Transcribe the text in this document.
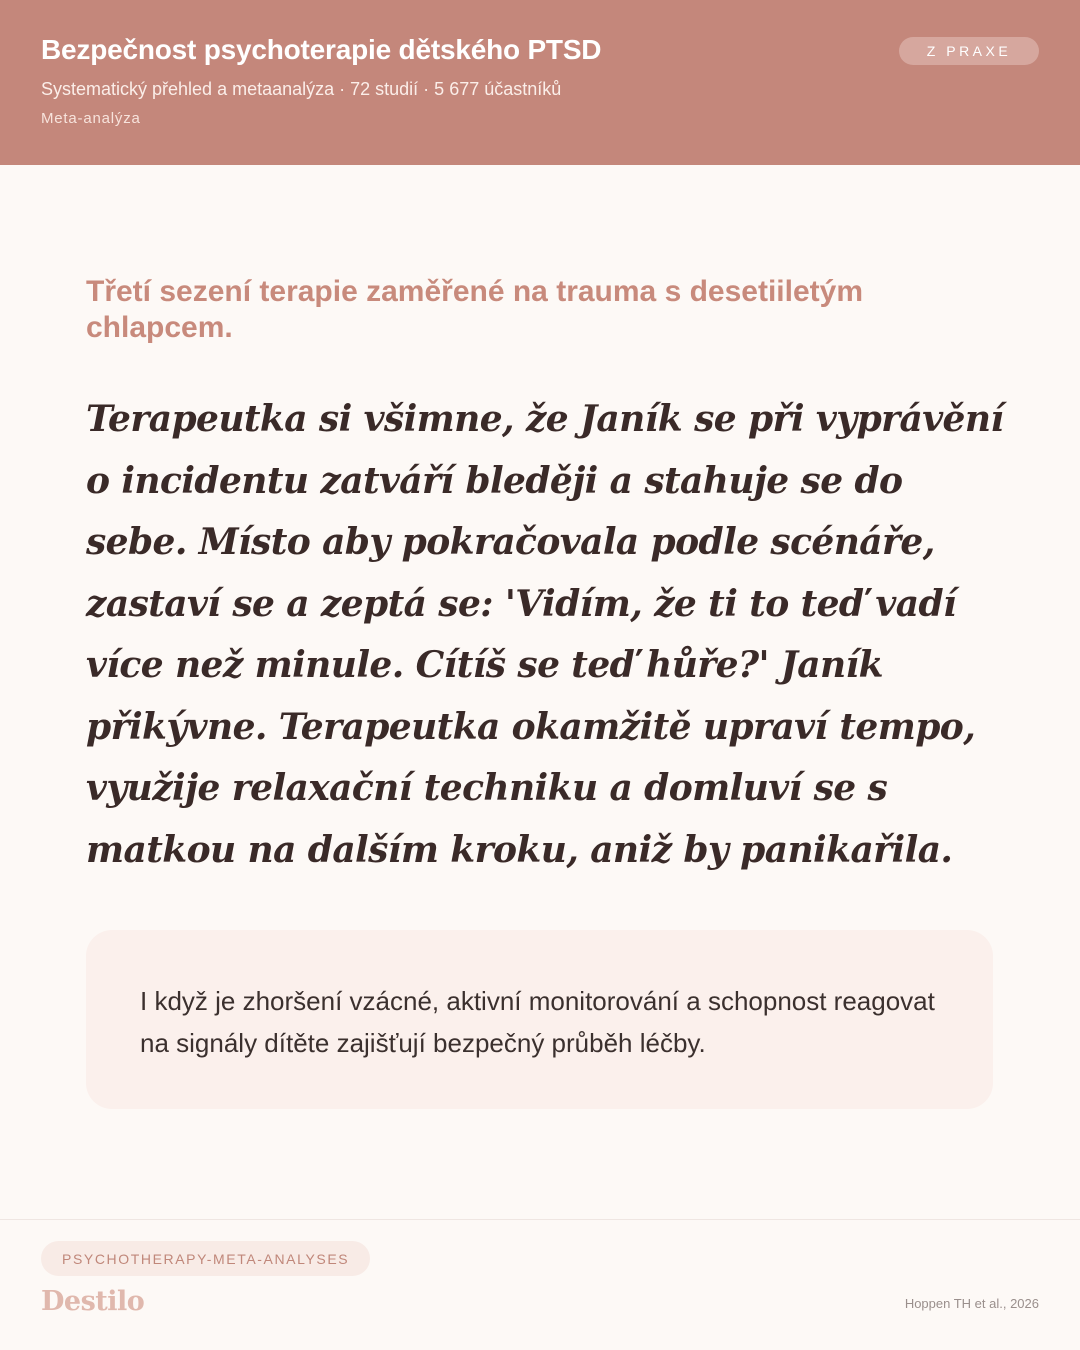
Bezpečnost psychoterapie dětského PTSD
Systematický přehled a metaanalýza · 72 studií · 5 677 účastníků
Meta-analýza
Z PRAXE
Třetí sezení terapie zaměřené na trauma s desetiiletým chlapcem.
Terapeutka si všimne, že Janík se při vyprávění o incidentu zatváří bleději a stahuje se do sebe. Místo aby pokračovala podle scénáře, zastaví se a zeptá se: 'Vidím, že ti to teď vadí více než minule. Cítíš se teď hůře?' Janík přikývne. Terapeutka okamžitě upraví tempo, využije relaxační techniku a domluví se s matkou na dalším kroku, aniž by panikařila.
I když je zhoršení vzácné, aktivní monitorování a schopnost reagovat na signály dítěte zajišťují bezpečný průběh léčby.
PSYCHOTHERAPY-META-ANALYSES
Destilo	Hoppen TH et al., 2026
